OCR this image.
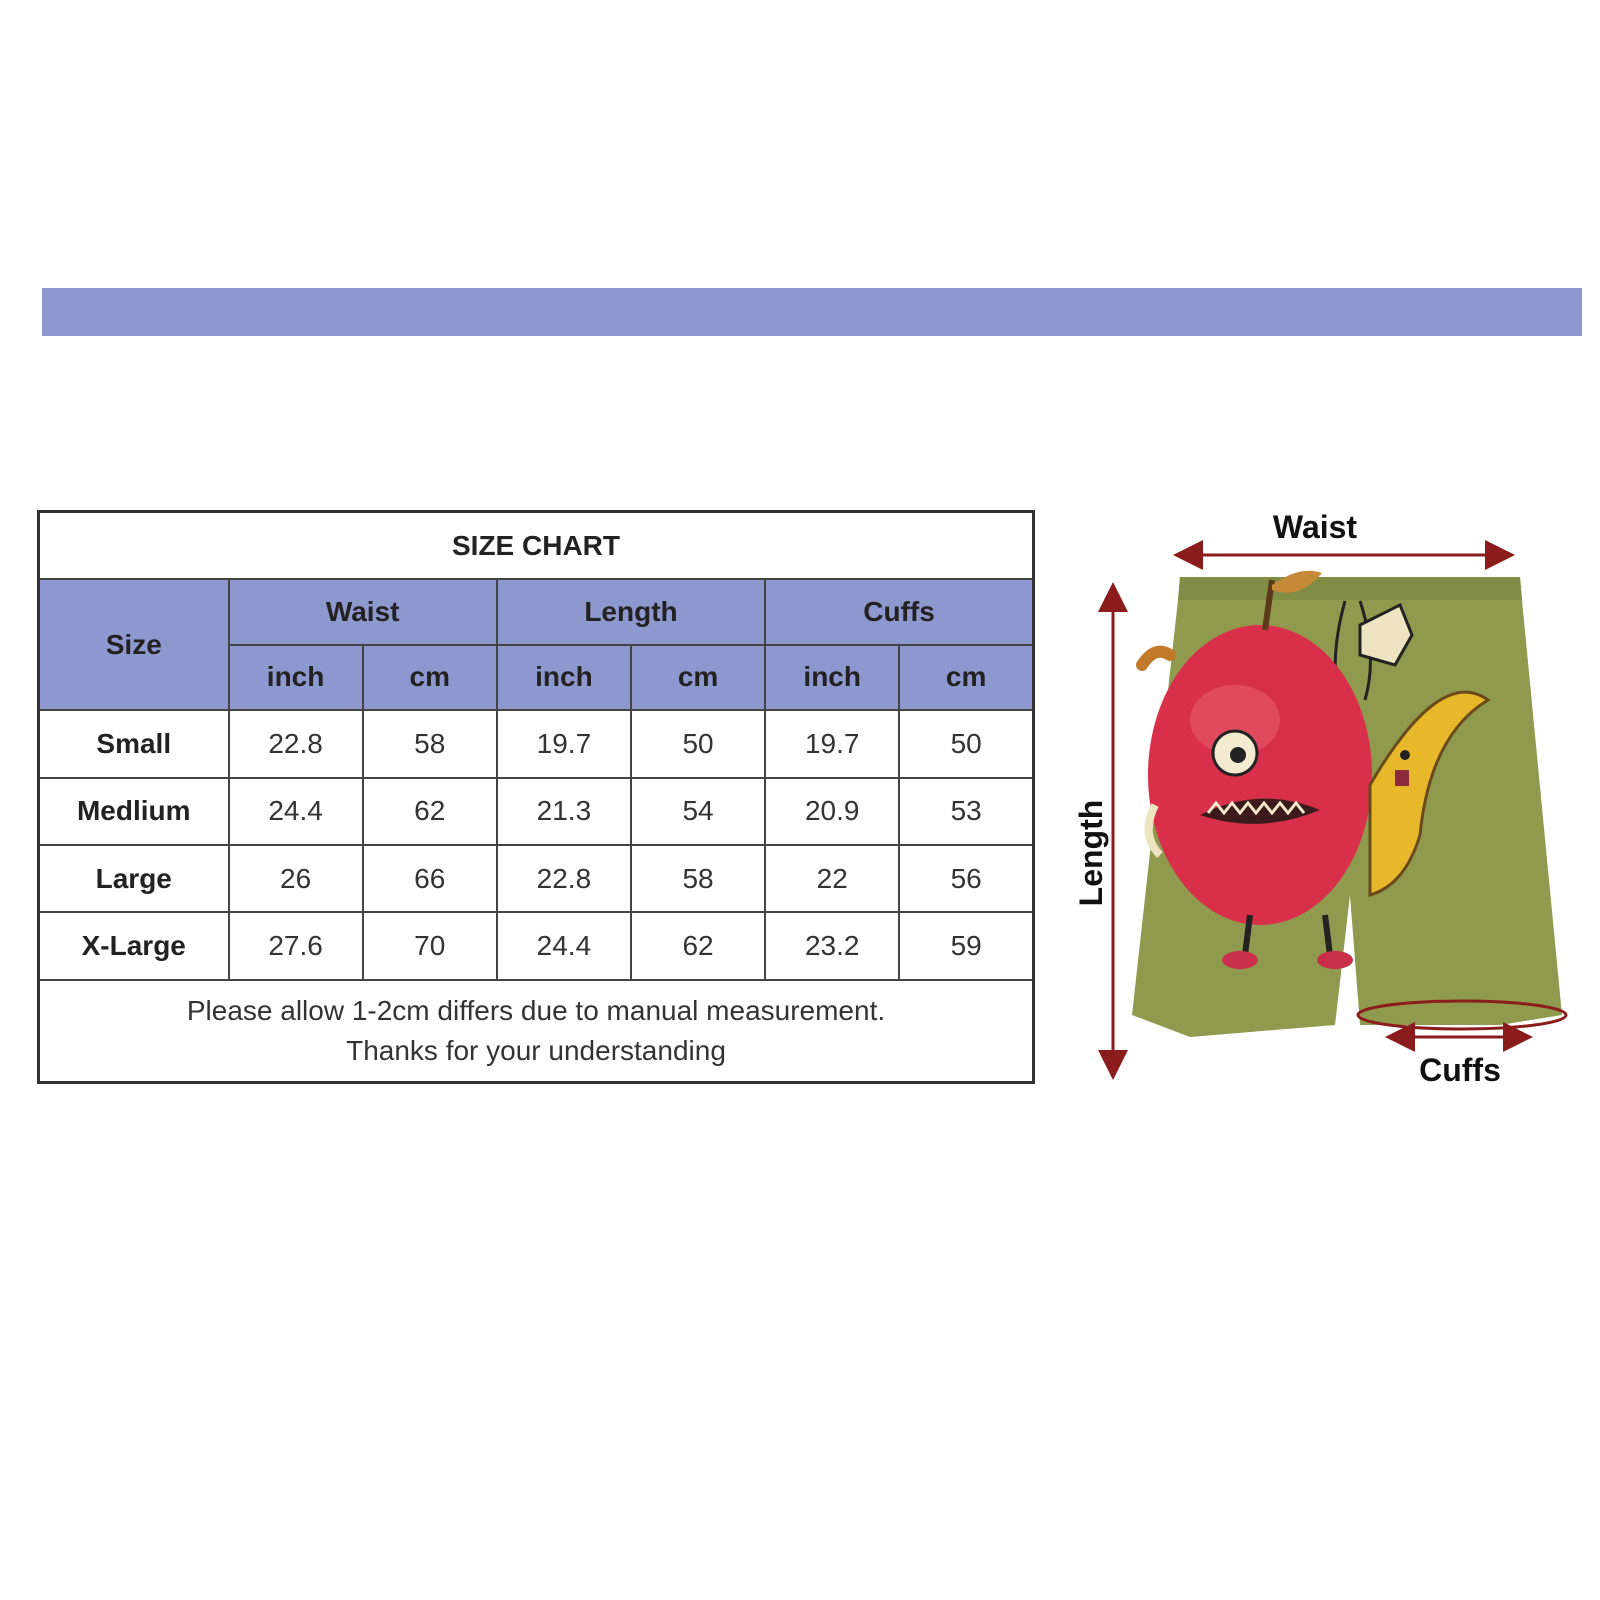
SIZE CHART						
Size	Waist		Length		Cuffs	
	inch	cm	inch	cm	inch	cm
Small	22.8	58	19.7	50	19.7	50
Medlium	24.4	62	21.3	54	20.9	53
Large	26	66	22.8	58	22	56
X-Large	27.6	70	24.4	62	23.2	59

Please allow 1-2cm differs due to manual measurement.
Thanks for your understanding						
Waist
Length
Cuffs
